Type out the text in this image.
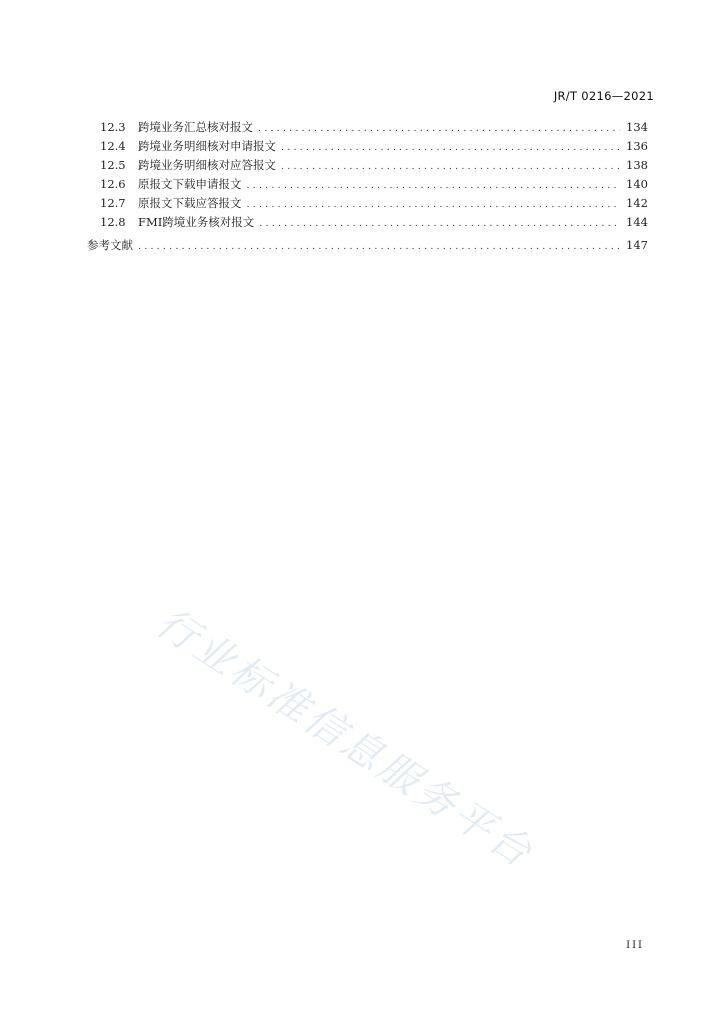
JR/T 0216—2021
12.3	跨境业务汇总核对报文 .....	134
12.4	跨境业务明细核对申请报文 .....	136
12.5	跨境业务明细核对应答报文 .....	138
12.6	原报文下载申请报文 .....	140
12.7	原报文下载应答报文 .....	142
12.8	FMI跨境业务核对报文 .....	144
参考文献 .....	147
行业标准信息服务平台
III
